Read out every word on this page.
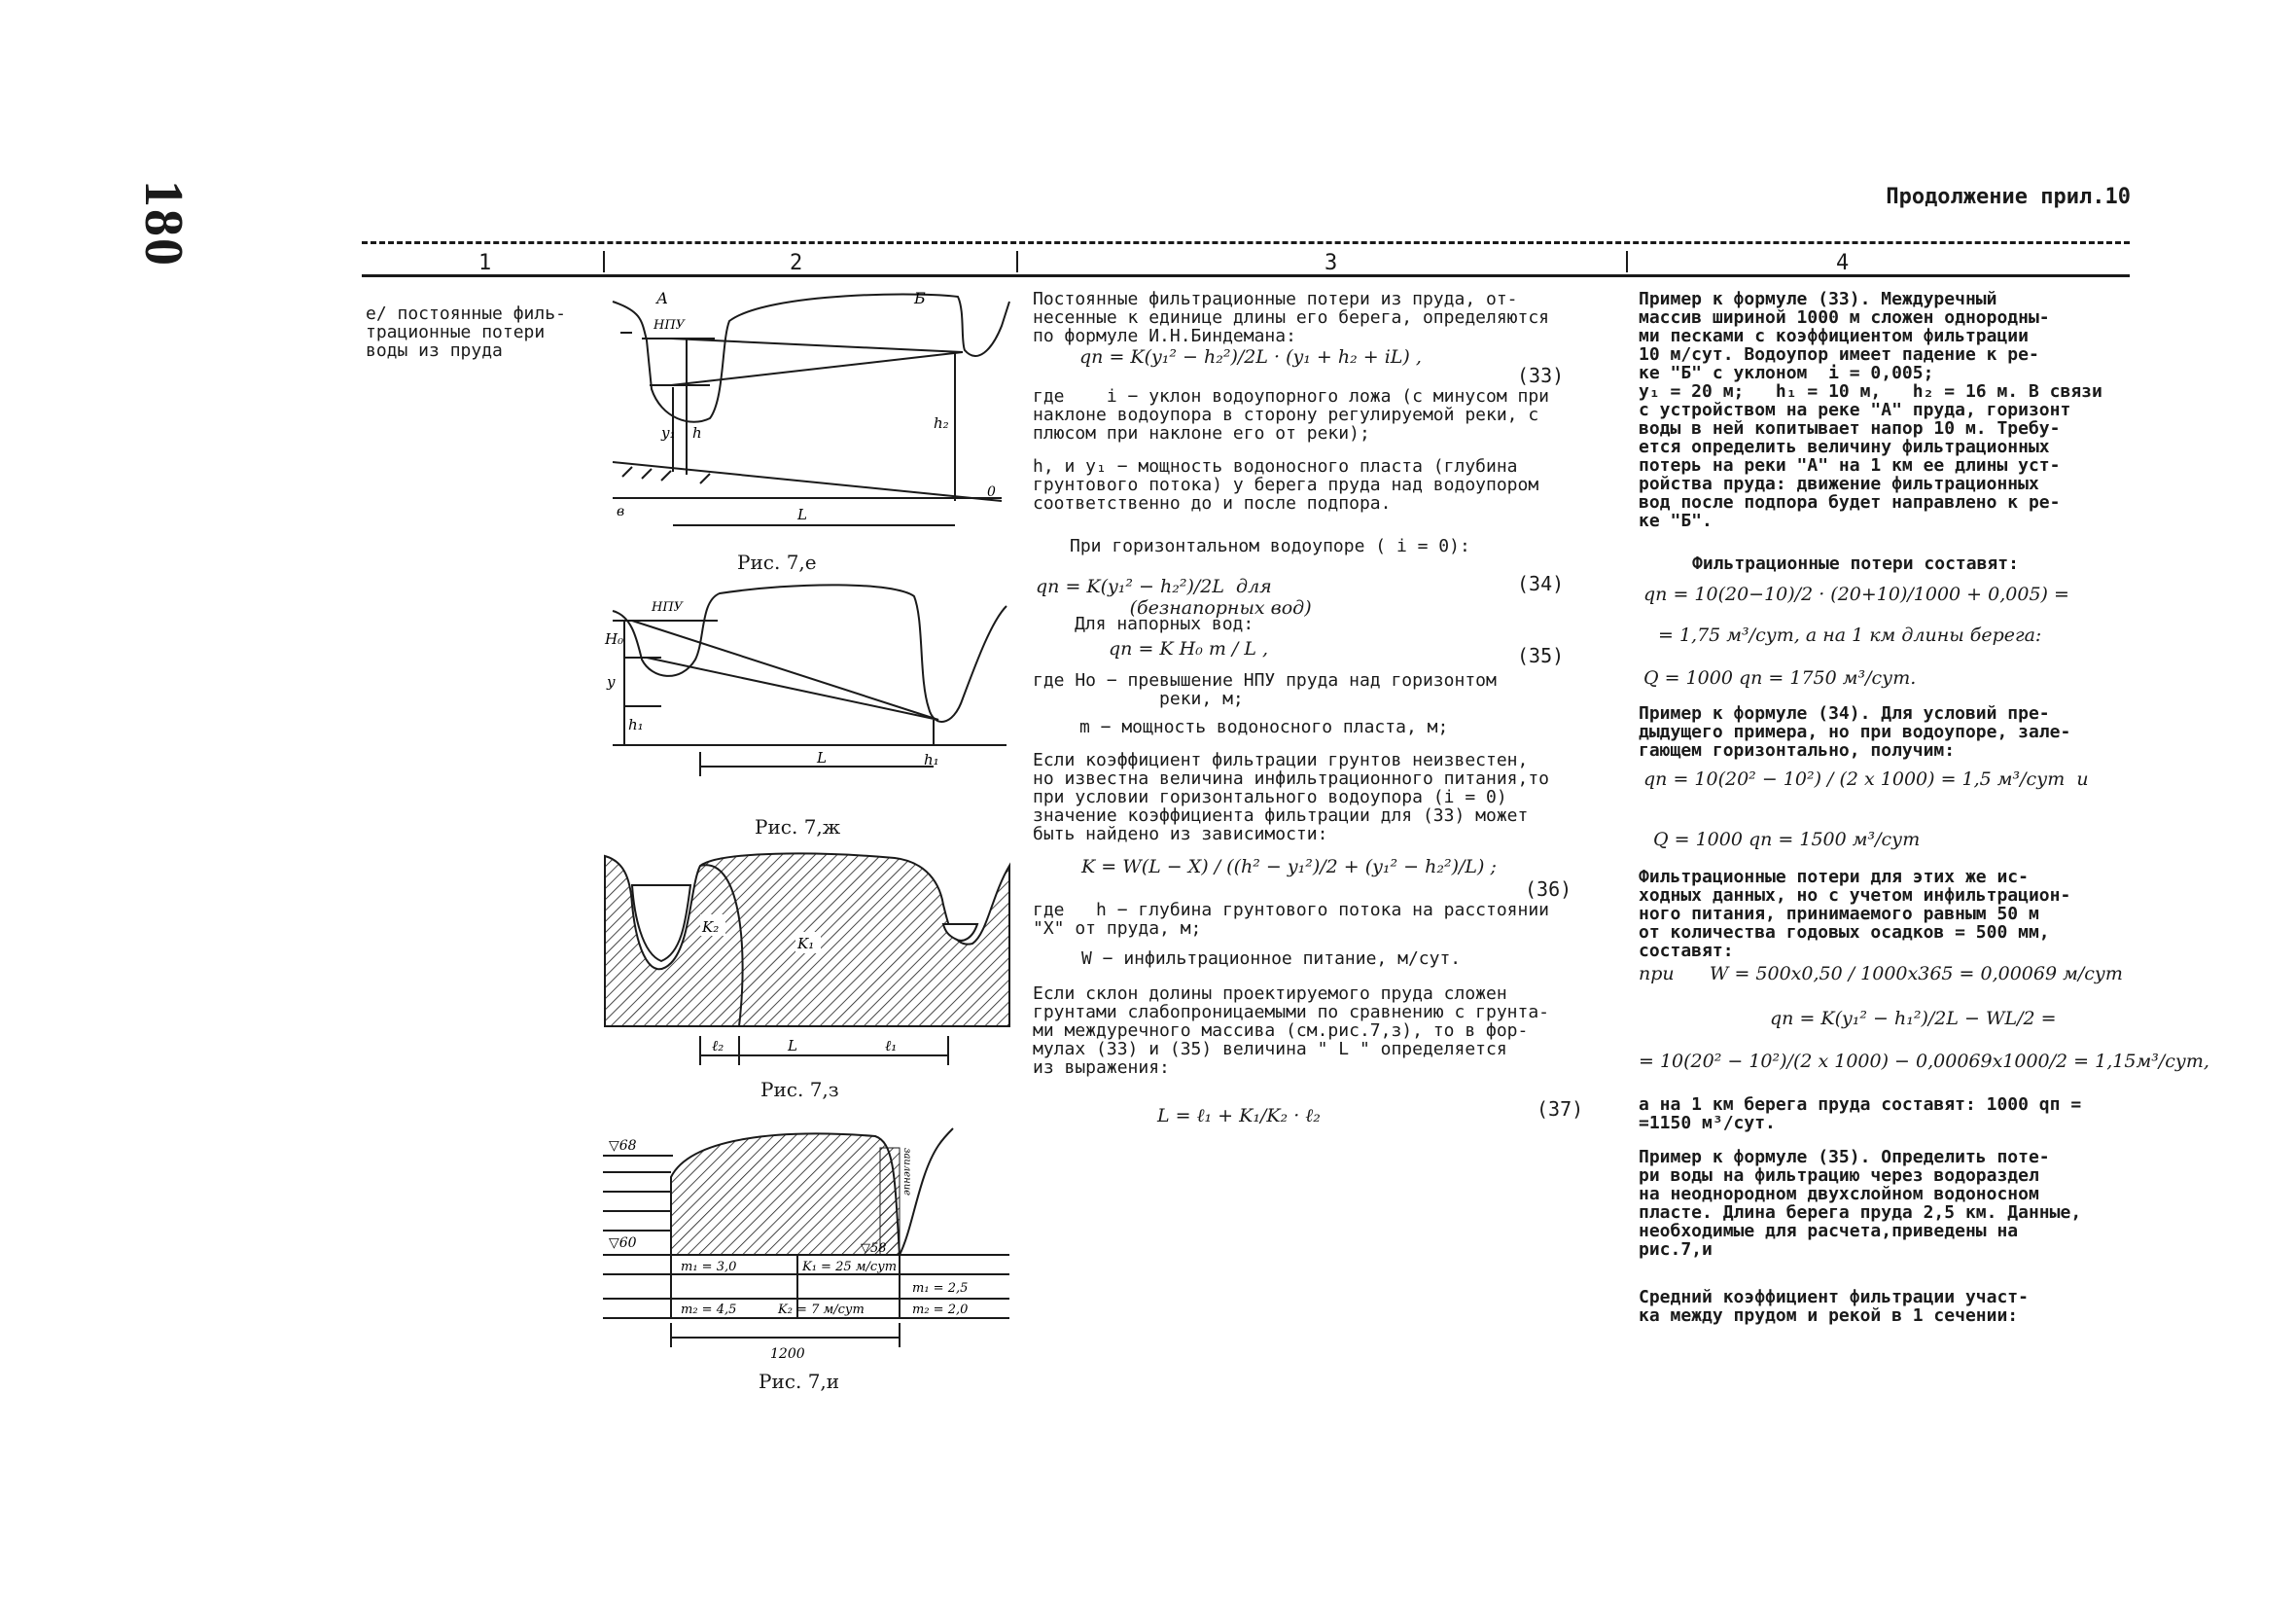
180	Продолжение прил.10
1	2	3	4
е/ постоянные филь-
трационные потери
воды из пруда
А	Б
НПУ
y₁ h
h₂
L
в
0
Рис. 7,е
НПУ
H₀
y
h₁
h₁
L
Рис. 7,ж
K₂
K₁
ℓ₂	L	ℓ₁
Рис. 7,з
▽68
▽60	▽58
m₁ = 3,0	K₁ = 25 м/сут
m₁ = 2,5
m₂ = 4,5	K₂ = 7 м/сут	m₂ = 2,0
1200
заиление
Рис. 7,и
Постоянные фильтрационные потери из пруда, от-
несенные к единице длины его берега, определяются
по формуле И.Н.Биндемана:
qп = K(y₁² − h₂²)/2L · (y₁ + h₂ + iL) ,
(33)
где    i − уклон водоупорного ложа (с минусом при
наклоне водоупора в сторону регулируемой реки, с
плюсом при наклоне его от реки);
h, и y₁ − мощность водоносного пласта (глубина
грунтового потока) у берега пруда над водоупором
соответственно до и после подпора.
При горизонтальном водоупоре ( i = 0):
qп = K(y₁² − h₂²)/2L  для
(безнапорных вод)
(34)
Для напорных вод:
qп = K H₀ m / L ,	(35)
где Hо − превышение НПУ пруда над горизонтом
реки, м;
m − мощность водоносного пласта, м;
Если коэффициент фильтрации грунтов неизвестен,
но известна величина инфильтрационного питания,то
при условии горизонтального водоупора (i = 0)
значение коэффициента фильтрации для (33) может
быть найдено из зависимости:
K = W(L − X) / ((h² − y₁²)/2 + (y₁² − h₂²)/L) ;
(36)
где   h − глубина грунтового потока на расстоянии
"X" от пруда, м;
W − инфильтрационное питание, м/сут.
Если склон долины проектируемого пруда сложен
грунтами слабопроницаемыми по сравнению с грунта-
ми междуречного массива (см.рис.7,з), то в фор-
мулах (33) и (35) величина " L " определяется
из выражения:
L = ℓ₁ + K₁/K₂ · ℓ₂	(37)
Пример к формуле (33). Междуречный
массив шириной 1000 м сложен однородны-
ми песками с коэффициентом фильтрации
10 м/сут. Водоупор имеет падение к ре-
ке "Б" с уклоном  i = 0,005;
y₁ = 20 м;   h₁ = 10 м,   h₂ = 16 м. В связи
с устройством на реке "А" пруда, горизонт
воды в ней копитывает напор 10 м. Требу-
ется определить величину фильтрационных
потерь на реки "А" на 1 км ее длины уст-
ройства пруда: движение фильтрационных
вод после подпора будет направлено к ре-
ке "Б".
Фильтрационные потери составят:
qп = 10(20−10)/2 · (20+10)/1000 + 0,005) =
= 1,75 м³/сут, а на 1 км длины берега:
Q = 1000 qп = 1750 м³/сут.
Пример к формуле (34). Для условий пре-
дыдущего примера, но при водоупоре, зале-
гающем горизонтально, получим:
qп = 10(20² − 10²) / (2 x 1000) = 1,5 м³/сут  и
Q = 1000 qп = 1500 м³/сут
Фильтрационные потери для этих же ис-
ходных данных, но с учетом инфильтрацион-
ного питания, принимаемого равным 50 м
от количества годовых осадков = 500 мм,
составят:
при      W = 500x0,50 / 1000x365 = 0,00069 м/сут
qп = K(y₁² − h₁²)/2L − WL/2 =
= 10(20² − 10²)/(2 x 1000) − 0,00069x1000/2 = 1,15м³/сут,
а на 1 км берега пруда составят: 1000 qп =
=1150 м³/сут.
Пример к формуле (35). Определить поте-
ри воды на фильтрацию через водораздел
на неоднородном двухслойном водоносном
пласте. Длина берега пруда 2,5 км. Данные,
необходимые для расчета,приведены на
рис.7,и
Средний коэффициент фильтрации участ-
ка между прудом и рекой в 1 сечении:
